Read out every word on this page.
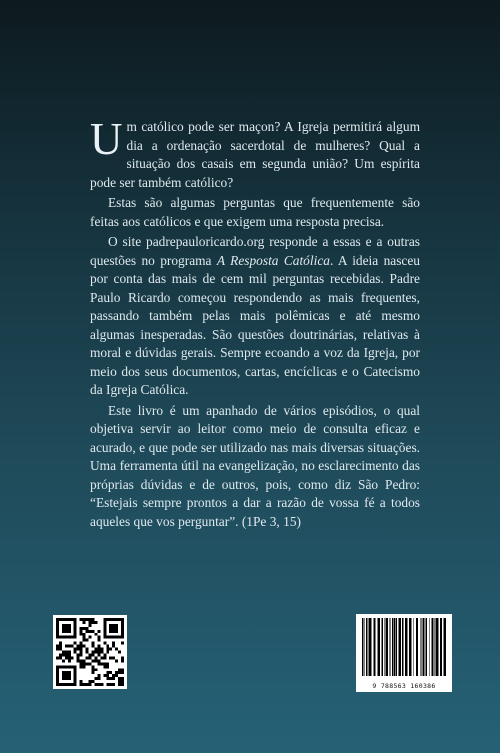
Um católico pode ser maçon? A Igreja permitirá algum dia a ordenação sacerdotal de mulheres? Qual a situação dos casais em segunda união? Um espírita pode ser também católico?

Estas são algumas perguntas que frequentemente são feitas aos católicos e que exigem uma resposta precisa.

O site padrepauloricardo.org responde a essas e a outras questões no programa A Resposta Católica. A ideia nasceu por conta das mais de cem mil perguntas recebidas. Padre Paulo Ricardo começou respondendo as mais frequentes, passando também pelas mais polêmicas e até mesmo algumas inesperadas. São questões doutrinárias, relativas à moral e dúvidas gerais. Sempre ecoando a voz da Igreja, por meio dos seus documentos, cartas, encíclicas e o Catecismo da Igreja Católica.

Este livro é um apanhado de vários episódios, o qual objetiva servir ao leitor como meio de consulta eficaz e acurado, e que pode ser utilizado nas mais diversas situações. Uma ferramenta útil na evangelização, no esclarecimento das próprias dúvidas e de outros, pois, como diz São Pedro: “Estejais sempre prontos a dar a razão de vossa fé a todos aqueles que vos perguntar”. (1Pe 3, 15)

9 788563 160386
